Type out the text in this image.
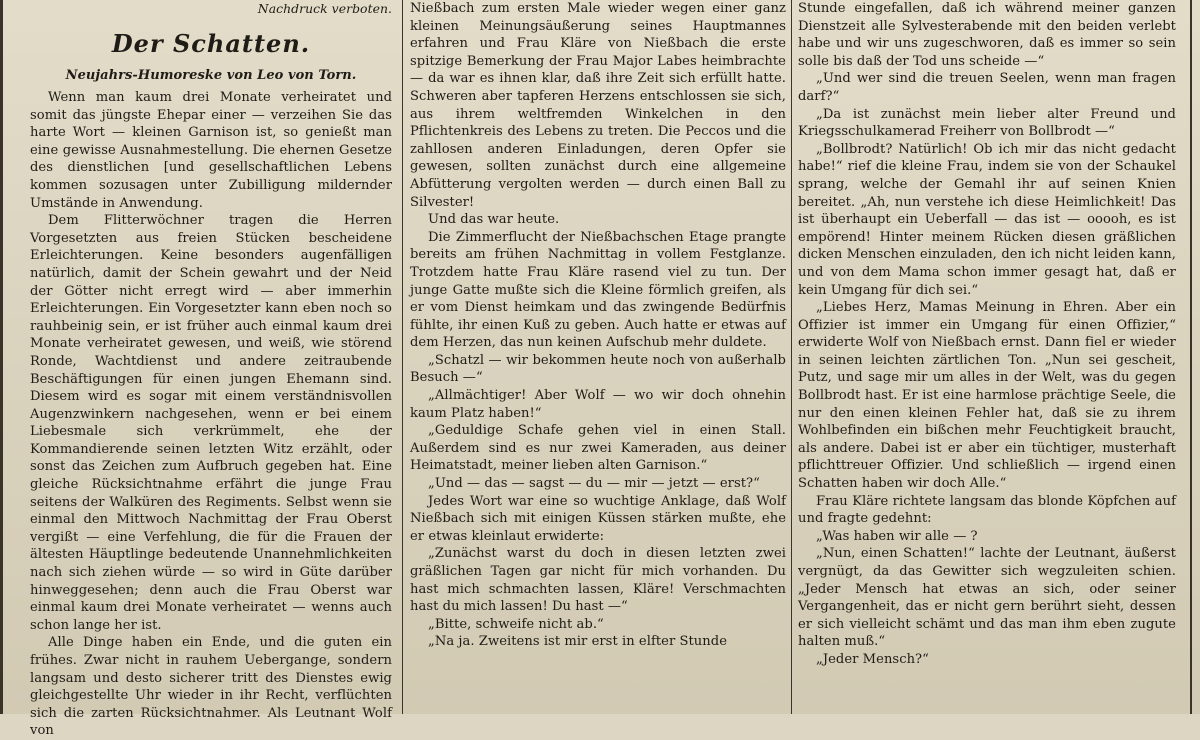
Nachdruck verboten.
Der Schatten.
Neujahrs-Humoreske von Leo von Torn.

Wenn man kaum drei Monate verheiratet und somit das jüngste Ehepar einer — verzeihen Sie das harte Wort — kleinen Garnison ist, so genießt man eine gewisse Ausnahmestellung. Die ehernen Gesetze des dienstlichen [und gesellschaftlichen Lebens kommen sozusagen unter Zubilligung mildernder Umstände in Anwendung.

Dem Flitterwöchner tragen die Herren Vorgesetzten aus freien Stücken bescheidene Erleichterungen. Keine besonders augenfälligen natürlich, damit der Schein gewahrt und der Neid der Götter nicht erregt wird — aber immerhin Erleichterungen. Ein Vorgesetzter kann eben noch so rauhbeinig sein, er ist früher auch einmal kaum drei Monate verheiratet gewesen, und weiß, wie störend Ronde, Wachtdienst und andere zeitraubende Beschäftigungen für einen jungen Ehemann sind. Diesem wird es sogar mit einem verständnisvollen Augenzwinkern nachgesehen, wenn er bei einem Liebesmale sich verkrümmelt, ehe der Kommandierende seinen letzten Witz erzählt, oder sonst das Zeichen zum Aufbruch gegeben hat. Eine gleiche Rücksichtnahme erfährt die junge Frau seitens der Walküren des Regiments. Selbst wenn sie einmal den Mittwoch Nachmittag der Frau Oberst vergißt — eine Verfehlung, die für die Frauen der ältesten Häuptlinge bedeutende Unannehmlichkeiten nach sich ziehen würde — so wird in Güte darüber hinweggesehen; denn auch die Frau Oberst war einmal kaum drei Monate verheiratet — wenns auch schon lange her ist.

Alle Dinge haben ein Ende, und die guten ein frühes. Zwar nicht in rauhem Uebergange, sondern langsam und desto sicherer tritt des Dienstes ewig gleichgestellte Uhr wieder in ihr Recht, verflüchten sich die zarten Rücksichtnahmer. Als Leutnant Wolf von

Nießbach zum ersten Male wieder wegen einer ganz kleinen Meinungsäußerung seines Hauptmannes erfahren und Frau Kläre von Nießbach die erste spitzige Bemerkung der Frau Major Labes heimbrachte — da war es ihnen klar, daß ihre Zeit sich erfüllt hatte. Schweren aber tapferen Herzens entschlossen sie sich, aus ihrem weltfremden Winkelchen in den Pflichtenkreis des Lebens zu treten. Die Peccos und die zahllosen anderen Einladungen, deren Opfer sie gewesen, sollten zunächst durch eine allgemeine Abfütterung vergolten werden — durch einen Ball zu Silvester!

Und das war heute.

Die Zimmerflucht der Nießbachschen Etage prangte bereits am frühen Nachmittag in vollem Festglanze. Trotzdem hatte Frau Kläre rasend viel zu tun. Der junge Gatte mußte sich die Kleine förmlich greifen, als er vom Dienst heimkam und das zwingende Bedürfnis fühlte, ihr einen Kuß zu geben. Auch hatte er etwas auf dem Herzen, das nun keinen Aufschub mehr duldete.

„Schatzl — wir bekommen heute noch von außerhalb Besuch —“

„Allmächtiger! Aber Wolf — wo wir doch ohnehin kaum Platz haben!“

„Geduldige Schafe gehen viel in einen Stall. Außerdem sind es nur zwei Kameraden, aus deiner Heimatstadt, meiner lieben alten Garnison.“

„Und — das — sagst — du — mir — jetzt — erst?“

Jedes Wort war eine so wuchtige Anklage, daß Wolf Nießbach sich mit einigen Küssen stärken mußte, ehe er etwas kleinlaut erwiderte:

„Zunächst warst du doch in diesen letzten zwei gräßlichen Tagen gar nicht für mich vorhanden. Du hast mich schmachten lassen, Kläre! Verschmachten hast du mich lassen! Du hast —“

„Bitte, schweife nicht ab.“

„Na ja. Zweitens ist mir erst in elfter Stunde

Stunde eingefallen, daß ich während meiner ganzen Dienstzeit alle Sylvesterabende mit den beiden verlebt habe und wir uns zugeschworen, daß es immer so sein solle bis daß der Tod uns scheide —“

„Und wer sind die treuen Seelen, wenn man fragen darf?“

„Da ist zunächst mein lieber alter Freund und Kriegsschulkamerad Freiherr von Bollbrodt —“

„Bollbrodt? Natürlich! Ob ich mir das nicht gedacht habe!“ rief die kleine Frau, indem sie von der Schaukel sprang, welche der Gemahl ihr auf seinen Knien bereitet. „Ah, nun verstehe ich diese Heimlichkeit! Das ist überhaupt ein Ueberfall — das ist — ooooh, es ist empörend! Hinter meinem Rücken diesen gräßlichen dicken Menschen einzuladen, den ich nicht leiden kann, und von dem Mama schon immer gesagt hat, daß er kein Umgang für dich sei.“

„Liebes Herz, Mamas Meinung in Ehren. Aber ein Offizier ist immer ein Umgang für einen Offizier,“ erwiderte Wolf von Nießbach ernst. Dann fiel er wieder in seinen leichten zärtlichen Ton. „Nun sei gescheit, Putz, und sage mir um alles in der Welt, was du gegen Bollbrodt hast. Er ist eine harmlose prächtige Seele, die nur den einen kleinen Fehler hat, daß sie zu ihrem Wohlbefinden ein bißchen mehr Feuchtigkeit braucht, als andere. Dabei ist er aber ein tüchtiger, musterhaft pflichttreuer Offizier. Und schließlich — irgend einen Schatten haben wir doch Alle.“

Frau Kläre richtete langsam das blonde Köpfchen auf und fragte gedehnt:

„Was haben wir alle — ?

„Nun, einen Schatten!“ lachte der Leutnant, äußerst vergnügt, da das Gewitter sich wegzuleiten schien. „Jeder Mensch hat etwas an sich, oder seiner Vergangenheit, das er nicht gern berührt sieht, dessen er sich vielleicht schämt und das man ihm eben zugute halten muß.“

„Jeder Mensch?“
